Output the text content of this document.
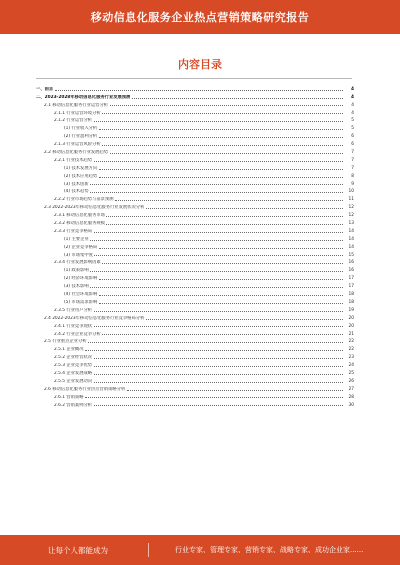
移动信息化服务企业热点营销策略研究报告
内容目录
一、前言	4
二、2023-2028年移动信息化服务行业发展预测	4
2.1 移动信息化服务行业运营分析	4
2.1.1 行业运营环境分析	4
2.1.2 行业运营分析	5
(1) 行业收入分析	5
(2) 行业盈利分析	6
2.1.3 行业运营风险分析	6
2.2 移动信息化服务行业发展趋势	7
2.2.1 行业技术趋势	7
(1) 技术发展方向	7
(2) 技术应用趋势	8
(3) 技术创新	9
(4) 技术趋势	10
2.2.2 行业市场趋势与前景预测	11
2.3 2022-2023年移动信息化服务行业发展状况分析	12
2.3.1 移动信息化服务市场	12
2.3.2 移动信息化服务规模	13
2.3.3 行业竞争格局	14
(1) 主要企业	14
(2) 企业竞争格局	14
(3) 市场集中度	15
2.3.4 行业发展影响因素	16
(1) 政策影响	16
(2) 经济环境影响	17
(3) 技术影响	17
(4) 社会环境影响	18
(5) 市场需求影响	18
2.3.5 行业用户分析	19
2.4 2022-2023年移动信息化服务行业竞争格局分析	20
2.4.1 行业竞争现状	20
2.4.2 行业企业竞争分析	21
2.5 行业重点企业分析	22
2.5.1 企业概况	22
2.5.2 企业经营状况	23
2.5.3 企业竞争优势	24
2.5.4 企业发展战略	25
2.5.5 企业发展动向	26
2.6 移动信息化服务行业热点营销策略分析	27
2.6.1 营销策略	28
2.6.2 营销案例分析	30
让每个人都能成为	行业专家、管理专家、营销专家、战略专家、成功企业家......
